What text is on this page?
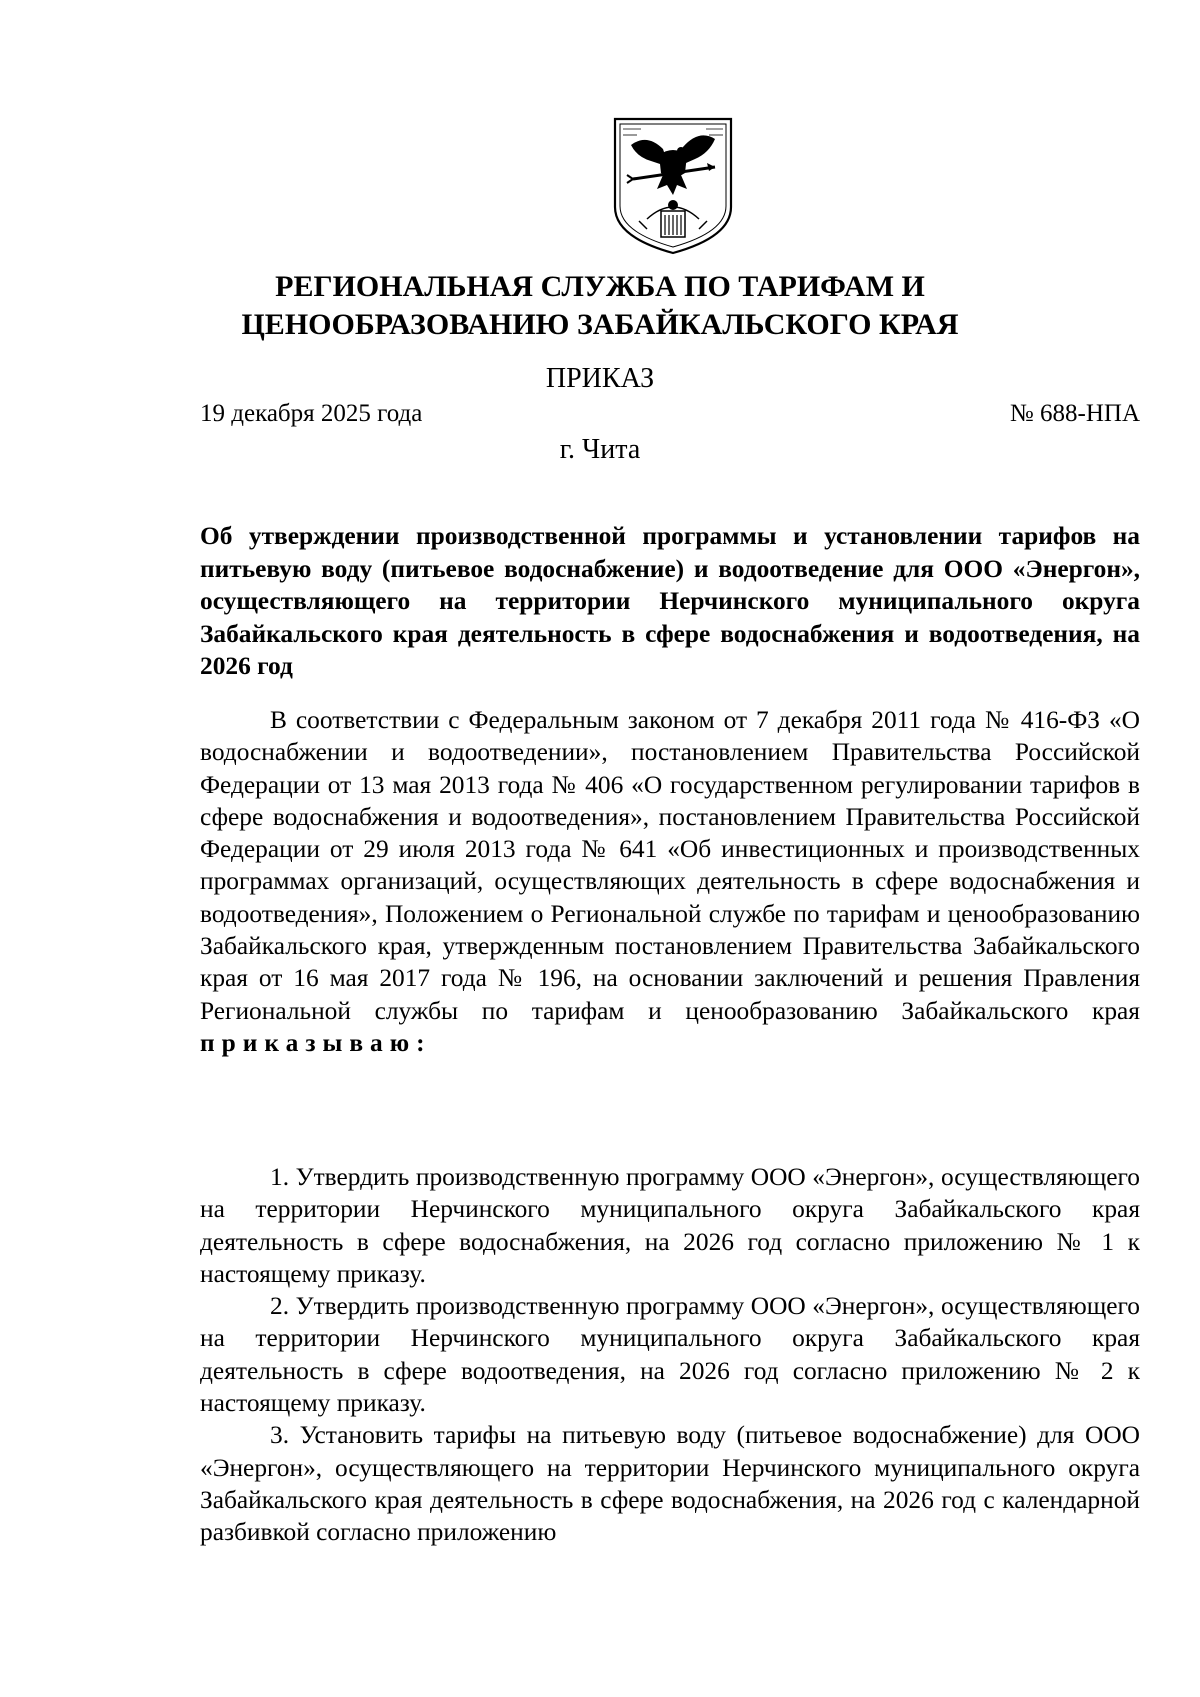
РЕГИОНАЛЬНАЯ СЛУЖБА ПО ТАРИФАМ И
ЦЕНООБРАЗОВАНИЮ ЗАБАЙКАЛЬСКОГО КРАЯ
ПРИКАЗ
19 декабря 2025 года	№ 688-НПА
г. Чита
Об утверждении производственной программы и установлении тарифов на питьевую воду (питьевое водоснабжение) и водоотведение для ООО «Энергон», осуществляющего на территории Нерчинского муниципального округа Забайкальского края деятельность в сфере водоснабжения и водоотведения, на 2026 год

В соответствии с Федеральным законом от 7 декабря 2011 года № 416-ФЗ «О водоснабжении и водоотведении», постановлением Правительства Российской Федерации от 13 мая 2013 года № 406 «О государственном регулировании тарифов в сфере водоснабжения и водоотведения», постановлением Правительства Российской Федерации от 29 июля 2013 года № 641 «Об инвестиционных и производственных программах организаций, осуществляющих деятельность в сфере водоснабжения и водоотведения», Положением о Региональной службе по тарифам и ценообразованию Забайкальского края, утвержденным постановлением Правительства Забайкальского края от 16 мая 2017 года № 196, на основании заключений и решения Правления Региональной службы по тарифам и ценообразованию Забайкальского края приказываю:

1. Утвердить производственную программу ООО «Энергон», осуществляющего на территории Нерчинского муниципального округа Забайкальского края деятельность в сфере водоснабжения, на 2026 год согласно приложению № 1 к настоящему приказу.

2. Утвердить производственную программу ООО «Энергон», осуществляющего на территории Нерчинского муниципального округа Забайкальского края деятельность в сфере водоотведения, на 2026 год согласно приложению № 2 к настоящему приказу.

3. Установить тарифы на питьевую воду (питьевое водоснабжение) для ООО «Энергон», осуществляющего на территории Нерчинского муниципального округа Забайкальского края деятельность в сфере водоснабжения, на 2026 год с календарной разбивкой согласно приложению
